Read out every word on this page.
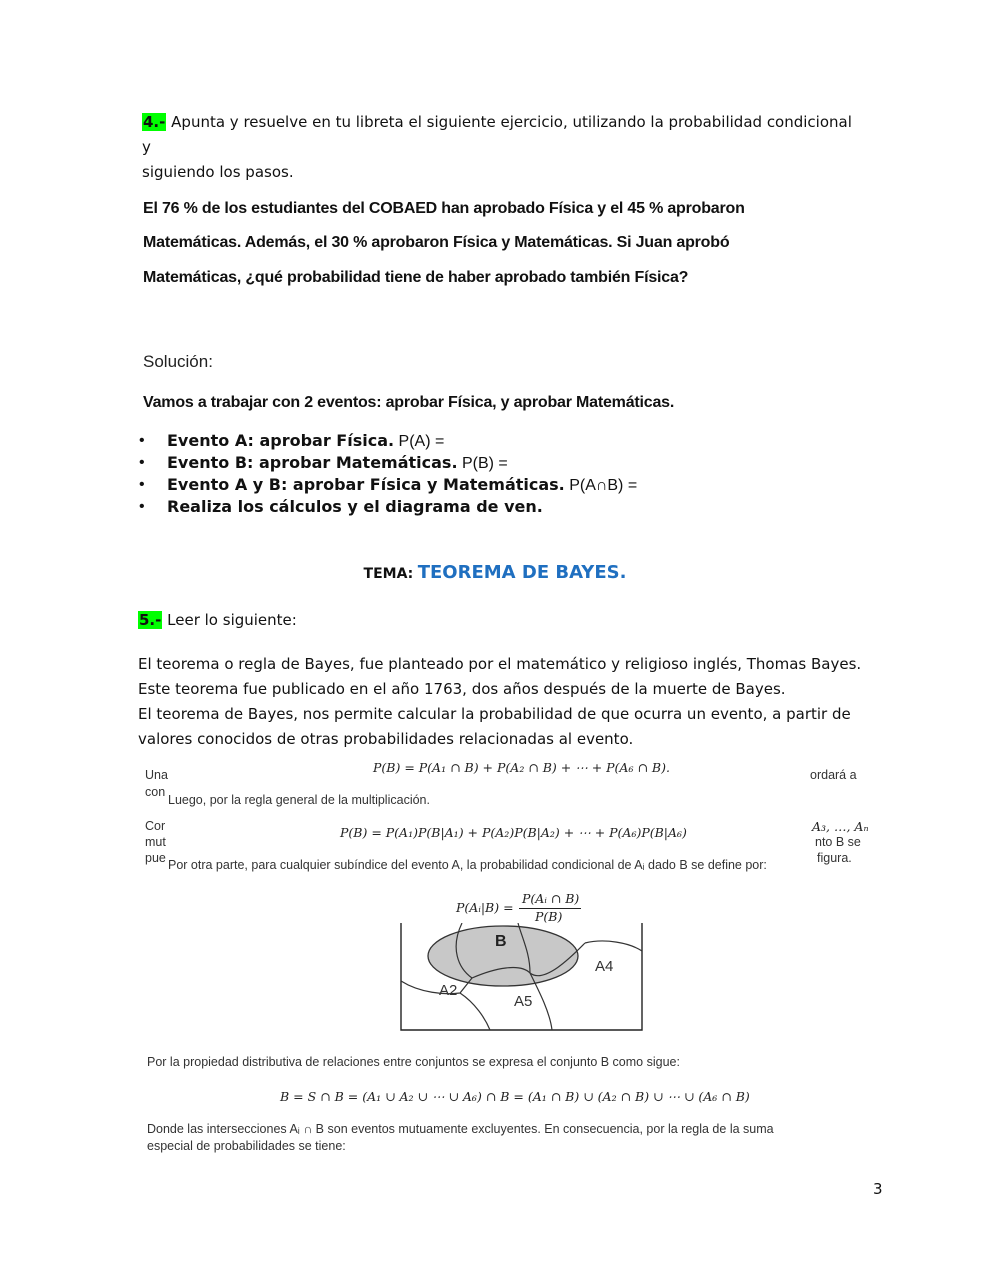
4.- Apunta y resuelve en tu libreta el siguiente ejercicio, utilizando la probabilidad condicional y
siguiendo los pasos.
El 76 % de los estudiantes del COBAED han aprobado Física y el 45 % aprobaron
Matemáticas. Además, el 30 % aprobaron Física y Matemáticas. Si Juan aprobó
Matemáticas, ¿qué probabilidad tiene de haber aprobado también Física?
Solución:
Vamos a trabajar con 2 eventos: aprobar Física, y aprobar Matemáticas.
• Evento A: aprobar Física. P(A) =
• Evento B: aprobar Matemáticas. P(B) =
• Evento A y B: aprobar Física y Matemáticas. P(A∩B) =
• Realiza los cálculos y el diagrama de ven.
TEMA: TEOREMA DE BAYES.
5.- Leer lo siguiente:
El teorema o regla de Bayes, fue planteado por el matemático y religioso inglés, Thomas Bayes.
Este teorema fue publicado en el año 1763, dos años después de la muerte de Bayes.
El teorema de Bayes, nos permite calcular la probabilidad de que ocurra un evento, a partir de
valores conocidos de otras probabilidades relacionadas al evento.
Una
con
ordará a
P(B) = P(A₁ ∩ B) + P(A₂ ∩ B) + ⋯ + P(A₆ ∩ B).
Luego, por la regla general de la multiplicación.
Cor
mut
pue
A₃, …, Aₙ
nto B se
figura.
P(B) = P(A₁)P(B|A₁) + P(A₂)P(B|A₂) + ⋯ + P(A₆)P(B|A₆)
Por otra parte, para cualquier subíndice del evento A, la probabilidad condicional de Aᵢ dado B se define por:
P(Aᵢ|B) =
P(Aᵢ ∩ B)
P(B)
B
A4
A2
A5
Por la propiedad distributiva de relaciones entre conjuntos se expresa el conjunto B como sigue:
B = S ∩ B = (A₁ ∪ A₂ ∪ ⋯ ∪ A₆) ∩ B = (A₁ ∩ B) ∪ (A₂ ∩ B) ∪ ⋯ ∪ (A₆ ∩ B)
Donde las intersecciones Aᵢ ∩ B son eventos mutuamente excluyentes. En consecuencia, por la regla de la suma
especial de probabilidades se tiene:
3
